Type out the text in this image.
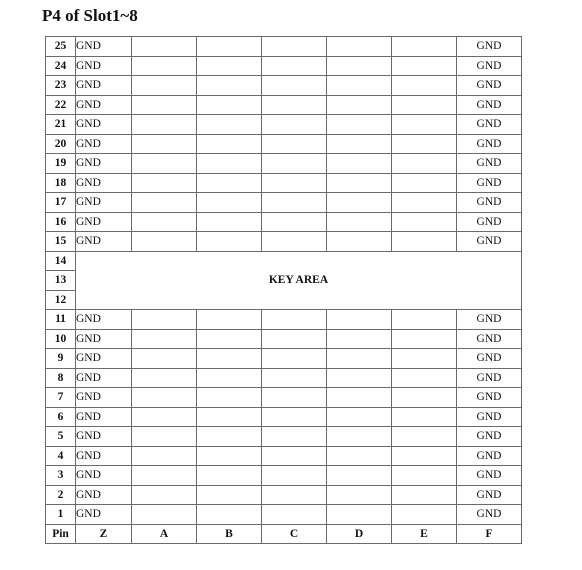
P4 of Slot1~8
25	GND						GND
24	GND						GND
23	GND						GND
22	GND						GND
21	GND						GND
20	GND						GND
19	GND						GND
18	GND						GND
17	GND						GND
16	GND						GND
15	GND						GND
14	KEY AREA						
13							
12							
11	GND						GND
10	GND						GND
9	GND						GND
8	GND						GND
7	GND						GND
6	GND						GND
5	GND						GND
4	GND						GND
3	GND						GND
2	GND						GND
1	GND						GND
Pin	Z	A	B	C	D	E	F
